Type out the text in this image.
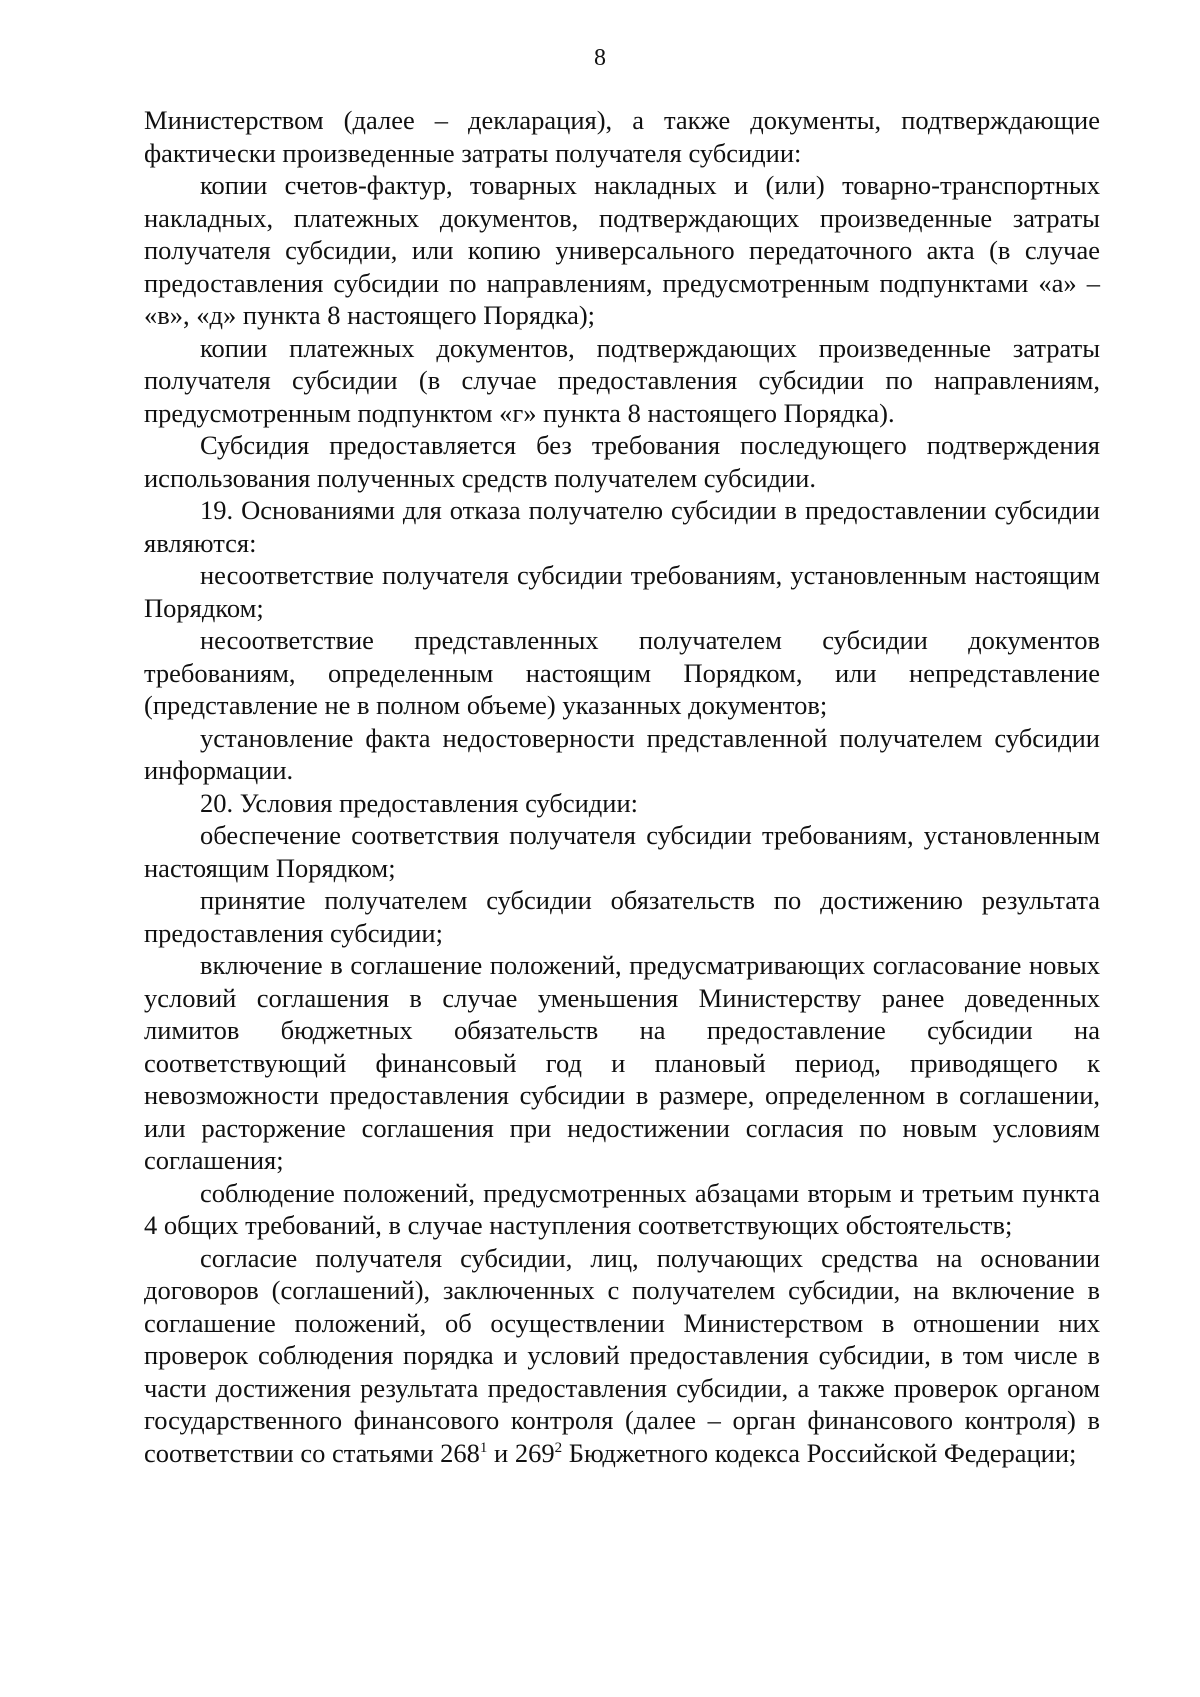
8

Министерством (далее – декларация), а также документы, подтверждающие фактически произведенные затраты получателя субсидии:

копии счетов-фактур, товарных накладных и (или) товарно-транспортных накладных, платежных документов, подтверждающих произведенные затраты получателя субсидии, или копию универсального передаточного акта (в случае предоставления субсидии по направлениям, предусмотренным подпунктами «а» – «в», «д» пункта 8 настоящего Порядка);

копии платежных документов, подтверждающих произведенные затраты получателя субсидии (в случае предоставления субсидии по направлениям, предусмотренным подпунктом «г» пункта 8 настоящего Порядка).

Субсидия предоставляется без требования последующего подтверждения использования полученных средств получателем субсидии.

19. Основаниями для отказа получателю субсидии в предоставлении субсидии являются:

несоответствие получателя субсидии требованиям, установленным настоящим Порядком;

несоответствие представленных получателем субсидии документов требованиям, определенным настоящим Порядком, или непредставление (представление не в полном объеме) указанных документов;

установление факта недостоверности представленной получателем субсидии информации.

20. Условия предоставления субсидии:

обеспечение соответствия получателя субсидии требованиям, установленным настоящим Порядком;

принятие получателем субсидии обязательств по достижению результата предоставления субсидии;

включение в соглашение положений, предусматривающих согласование новых условий соглашения в случае уменьшения Министерству ранее доведенных лимитов бюджетных обязательств на предоставление субсидии на соответствующий финансовый год и плановый период, приводящего к невозможности предоставления субсидии в размере, определенном в соглашении, или расторжение соглашения при недостижении согласия по новым условиям соглашения;

соблюдение положений, предусмотренных абзацами вторым и третьим пункта 4 общих требований, в случае наступления соответствующих обстоятельств;

согласие получателя субсидии, лиц, получающих средства на основании договоров (соглашений), заключенных с получателем субсидии, на включение в соглашение положений, об осуществлении Министерством в отношении них проверок соблюдения порядка и условий предоставления субсидии, в том числе в части достижения результата предоставления субсидии, а также проверок органом государственного финансового контроля (далее – орган финансового контроля) в соответствии со статьями $268^1$ и $269^2$ Бюджетного кодекса Российской Федерации;
